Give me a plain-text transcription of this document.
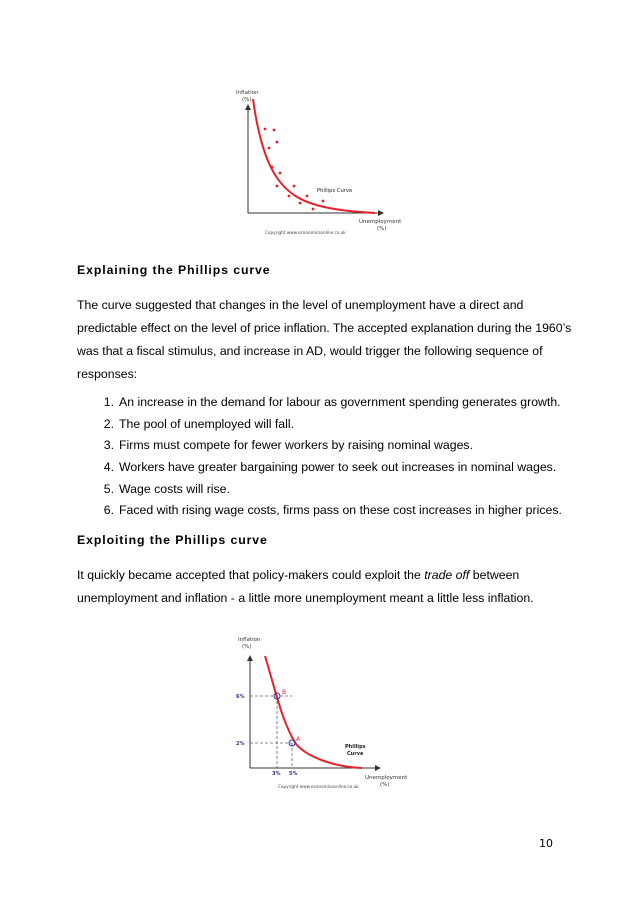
Inflation
(%)
Unemployment
(%)
Phillips Curve
Copyright www.economicsonline.co.uk
Explaining the Phillips curve

The curve suggested that changes in the level of unemployment have a direct and

predictable effect on the level of price inflation. The accepted explanation during the 1960’s

was that a fiscal stimulus, and increase in AD, would trigger the following sequence of

responses:

1. An increase in the demand for labour as government spending generates growth.
2. The pool of unemployed will fall.
3. Firms must compete for fewer workers by raising nominal wages.
4. Workers have greater bargaining power to seek out increases in nominal wages.
5. Wage costs will rise.
6. Faced with rising wage costs, firms pass on these cost increases in higher prices.
Exploiting the Phillips curve

It quickly became accepted that policy-makers could exploit the trade off between

unemployment and inflation - a little more unemployment meant a little less inflation.

Inflation
(%)
Unemployment
(%)
B
A
6%
2%
3% 5%
Phillips
Curve
Copyright www.economicsonline.co.uk
10
